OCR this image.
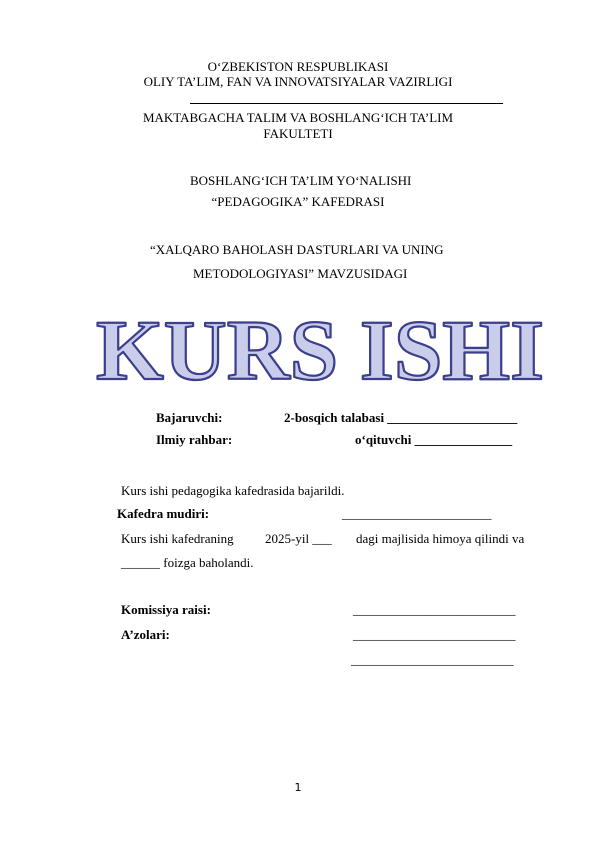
O‘ZBEKISTON RESPUBLIKASI
OLIY TA’LIM, FAN VA INNOVATSIYALAR VAZIRLIGI
MAKTABGACHA TALIM VA BOSHLANG‘ICH TA’LIM
FAKULTETI
BOSHLANG‘ICH TA’LIM YO‘NALISHI
“PEDAGOGIKA” KAFEDRASI
“XALQARO BAHOLASH DASTURLARI VA UNING
METODOLOGIYASI” MAVZUSIDAGI
KURS ISHI
Bajaruvchi:	2-bosqich talabasi ____________________
Ilmiy rahbar:	o‘qituvchi _______________
Kurs ishi pedagogika kafedrasida bajarildi.
Kafedra mudiri:	_______________________
Kurs ishi kafedraning 2025-yil ___ dagi majlisida himoya qilindi va
______ foizga baholandi.
Komissiya raisi:	_________________________
A’zolari:	_________________________
_________________________
1
